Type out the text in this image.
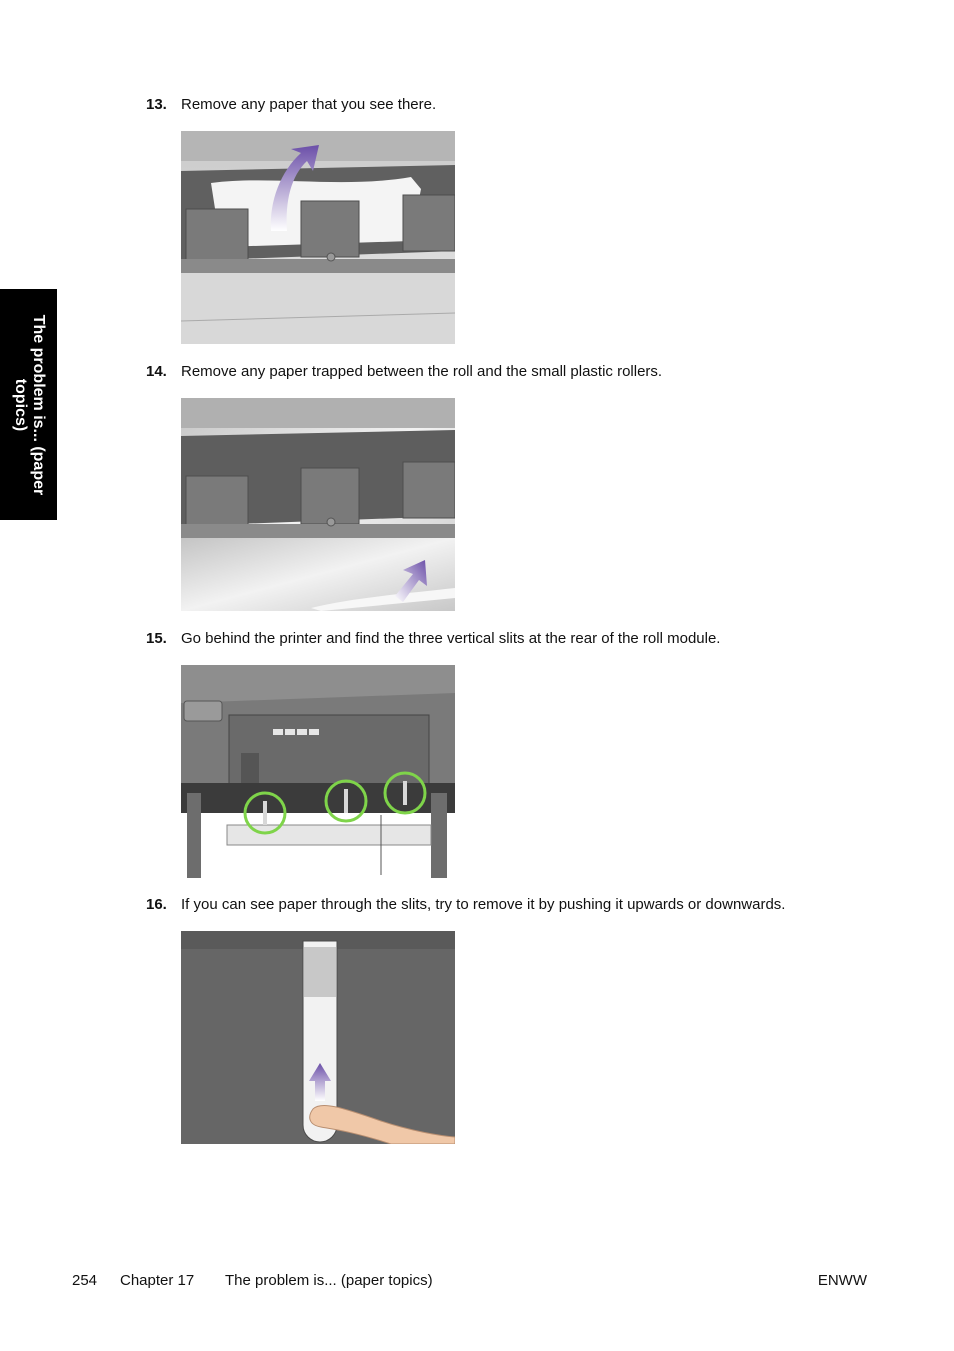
The problem is... (paper topics)
13. Remove any paper that you see there.
14. Remove any paper trapped between the roll and the small plastic rollers.
15. Go behind the printer and find the three vertical slits at the rear of the roll module.
16. If you can see paper through the slits, try to remove it by pushing it upwards or downwards.
254 Chapter 17 The problem is... (paper topics)	ENWW
